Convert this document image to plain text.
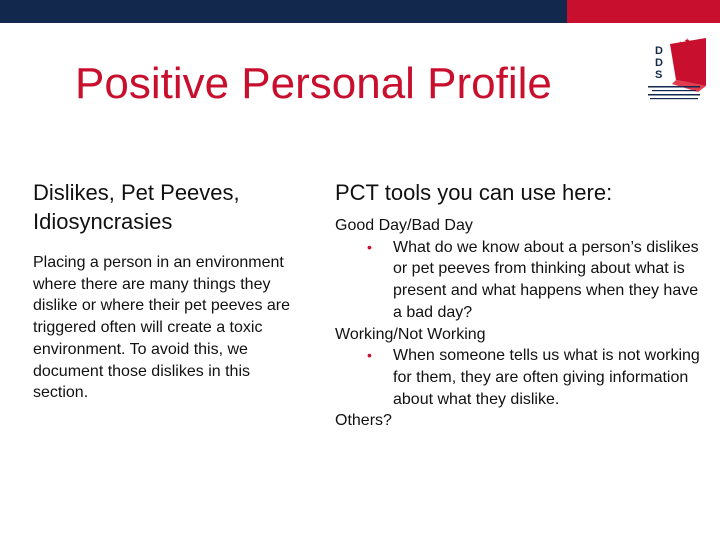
Positive Personal Profile
★
★ ★
D
D
S
Dislikes, Pet Peeves, Idiosyncrasies
Placing a person in an environment where there are many things they dislike or where their pet peeves are triggered often will create a toxic environment. To avoid this, we document those dislikes in this section.
PCT tools you can use here:
Good Day/Bad Day
• What do we know about a person’s dislikes or pet peeves from thinking about what is present and what happens when they have a bad day?
Working/Not Working
• When someone tells us what is not working for them, they are often giving information about what they dislike.
Others?
